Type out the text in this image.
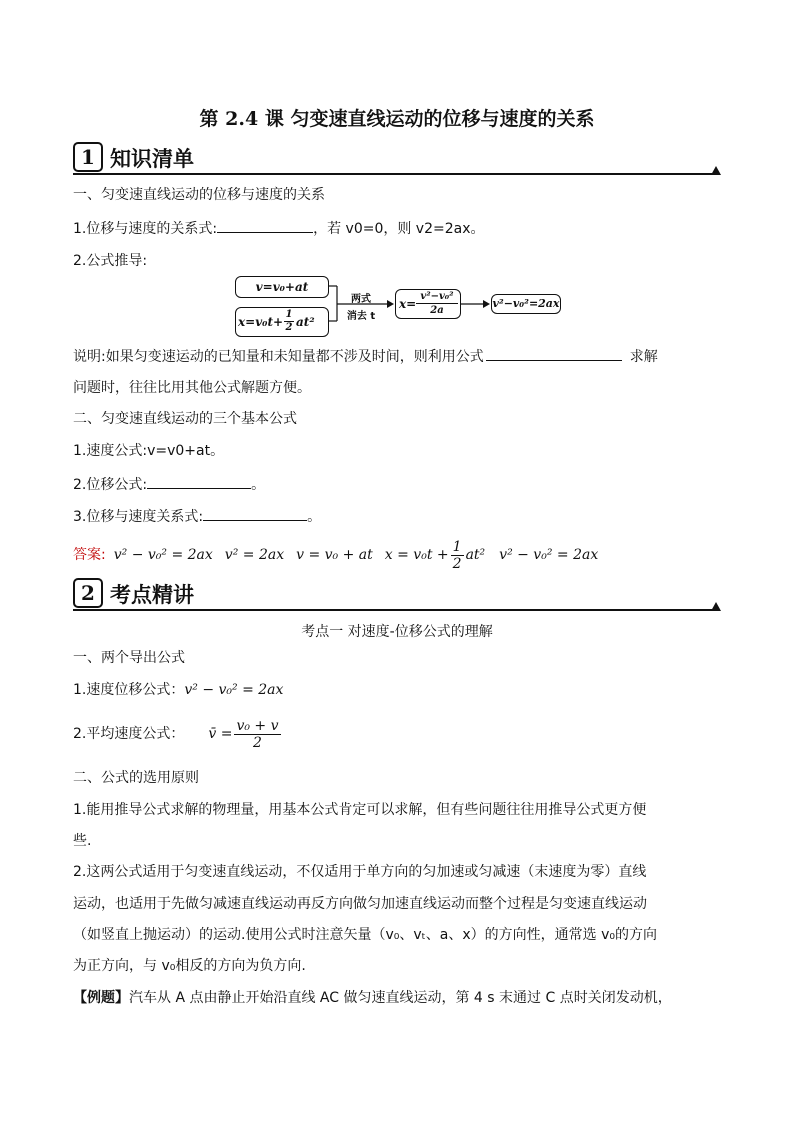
第 2.4 课 匀变速直线运动的位移与速度的关系
1 知识清单
一、匀变速直线运动的位移与速度的关系
1.位移与速度的关系式:	，若 v0=0，则 v2=2ax。
2.公式推导:
v=v₀+at
x=v₀t+
1
2 at²
两式
消去 t
x=
v²−v₀²
2a
v²−v₀²=2ax
说明:如果匀变速运动的已知量和未知量都不涉及时间，则利用公式	求解
问题时，往往比用其他公式解题方便。
二、匀变速直线运动的三个基本公式
1.速度公式:v=v0+at。
2.位移公式:	。
3.位移与速度关系式:	。
答案: v² − v₀² = 2ax v² = 2ax v = v₀ + at $x = v_0t + \frac{1}{2} at^2$ v² − v₀² = 2ax
2 考点精讲
考点一 对速度-位移公式的理解
一、两个导出公式
1.速度位移公式：v² − v₀² = 2ax
2.平均速度公式： v̄ = $\frac{\text{v₀ + v}}{2}$
二、公式的选用原则
1.能用推导公式求解的物理量，用基本公式肯定可以求解，但有些问题往往用推导公式更方便
些.
2.这两公式适用于匀变速直线运动，不仅适用于单方向的匀加速或匀减速（末速度为零）直线
运动，也适用于先做匀减速直线运动再反方向做匀加速直线运动而整个过程是匀变速直线运动
（如竖直上抛运动）的运动.使用公式时注意矢量（v₀、vₜ、a、x）的方向性，通常选 v₀的方向
为正方向，与 v₀相反的方向为负方向.
【例题】汽车从 A 点由静止开始沿直线 AC 做匀速直线运动，第 4 s 末通过 C 点时关闭发动机，
